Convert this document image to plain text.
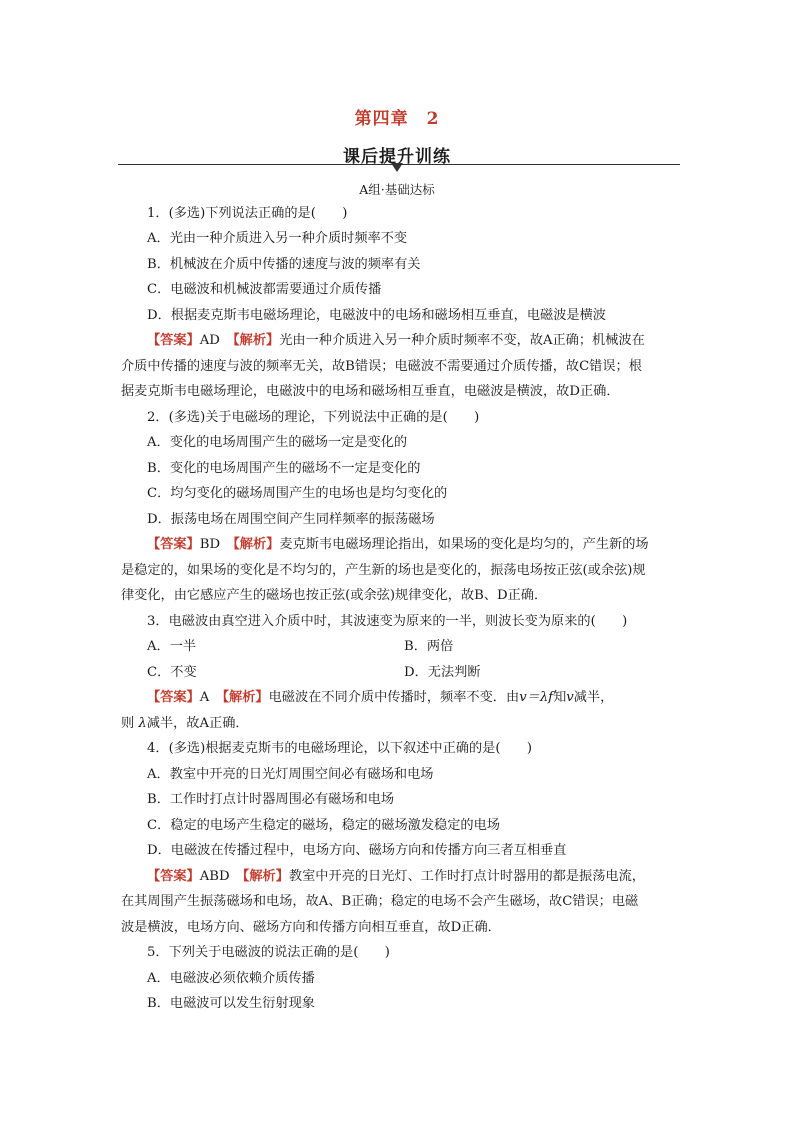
第四章　2
课后提升训练
A组·基础达标
1．(多选)下列说法正确的是(　　)
A．光由一种介质进入另一种介质时频率不变
B．机械波在介质中传播的速度与波的频率有关
C．电磁波和机械波都需要通过介质传播
D．根据麦克斯韦电磁场理论，电磁波中的电场和磁场相互垂直，电磁波是横波
【答案】AD　 【解析】光由一种介质进入另一种介质时频率不变，故A正确；机械波在
介质中传播的速度与波的频率无关，故B错误；电磁波不需要通过介质传播，故C错误；根
据麦克斯韦电磁场理论，电磁波中的电场和磁场相互垂直，电磁波是横波，故D正确．
2．(多选)关于电磁场的理论，下列说法中正确的是(　　)
A．变化的电场周围产生的磁场一定是变化的
B．变化的电场周围产生的磁场不一定是变化的
C．均匀变化的磁场周围产生的电场也是均匀变化的
D．振荡电场在周围空间产生同样频率的振荡磁场
【答案】BD　 【解析】麦克斯韦电磁场理论指出，如果场的变化是均匀的，产生新的场
是稳定的，如果场的变化是不均匀的，产生新的场也是变化的，振荡电场按正弦(或余弦)规
律变化，由它感应产生的磁场也按正弦(或余弦)规律变化，故B、D正确．
3．电磁波由真空进入介质中时，其波速变为原来的一半，则波长变为原来的(　　)
A．一半	B．两倍
C．不变	D．无法判断
【答案】A　 【解析】电磁波在不同介质中传播时，频率不变．由v＝λf知v减半，
则 λ减半，故A正确．
4．(多选)根据麦克斯韦的电磁场理论，以下叙述中正确的是(　　)
A．教室中开亮的日光灯周围空间必有磁场和电场
B．工作时打点计时器周围必有磁场和电场
C．稳定的电场产生稳定的磁场，稳定的磁场激发稳定的电场
D．电磁波在传播过程中，电场方向、磁场方向和传播方向三者互相垂直
【答案】ABD　 【解析】教室中开亮的日光灯、工作时打点计时器用的都是振荡电流，
在其周围产生振荡磁场和电场，故A、B正确；稳定的电场不会产生磁场，故C错误；电磁
波是横波，电场方向、磁场方向和传播方向相互垂直，故D正确．
5．下列关于电磁波的说法正确的是(　　)
A．电磁波必须依赖介质传播
B．电磁波可以发生衍射现象
